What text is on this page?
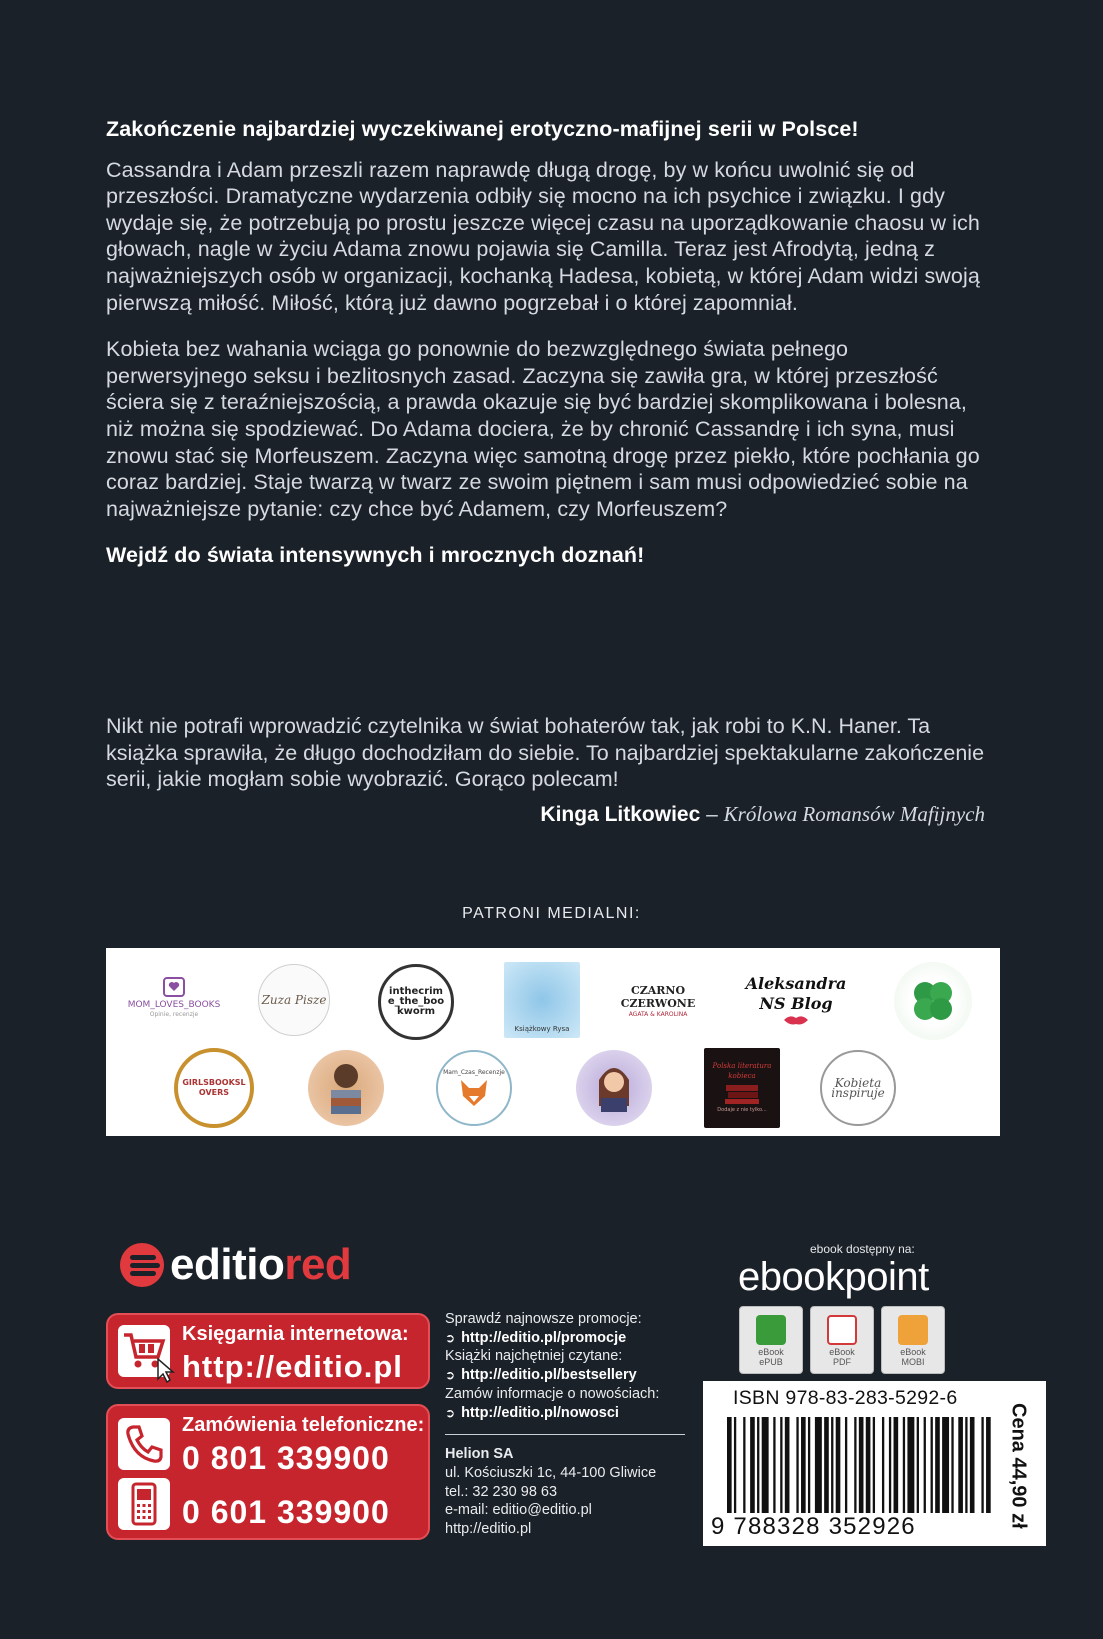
Zakończenie najbardziej wyczekiwanej erotyczno-mafijnej serii w Polsce!

Cassandra i Adam przeszli razem naprawdę długą drogę, by w końcu uwolnić się od przeszłości. Dramatyczne wydarzenia odbiły się mocno na ich psychice i związku. I gdy wydaje się, że potrzebują po prostu jeszcze więcej czasu na uporządkowanie chaosu w ich głowach, nagle w życiu Adama znowu pojawia się Camilla. Teraz jest Afrodytą, jedną z najważniejszych osób w organizacji, kochanką Hadesa, kobietą, w której Adam widzi swoją pierwszą miłość. Miłość, którą już dawno pogrzebał i o której zapomniał.

Kobieta bez wahania wciąga go ponownie do bezwzględnego świata pełnego perwersyjnego seksu i bezlitosnych zasad. Zaczyna się zawiła gra, w której przeszłość ściera się z teraźniejszością, a prawda okazuje się być bardziej skomplikowana i bolesna, niż można się spodziewać. Do Adama dociera, że by chronić Cassandrę i ich syna, musi znowu stać się Morfeuszem. Zaczyna więc samotną drogę przez piekło, które pochłania go coraz bardziej. Staje twarzą w twarz ze swoim piętnem i sam musi odpowiedzieć sobie na najważniejsze pytanie: czy chce być Adamem, czy Morfeuszem?

Wejdź do świata intensywnych i mrocznych doznań!

Nikt nie potrafi wprowadzić czytelnika w świat bohaterów tak, jak robi to K.N. Haner. Ta książka sprawiła, że długo dochodziłam do siebie. To najbardziej spektakularne zakończenie serii, jakie mogłam sobie wyobrazić. Gorąco polecam!

Kinga Litkowiec – Królowa Romansów Mafijnych
PATRONI MEDIALNI:
MOM_LOVES_BOOKS
Opinie, recenzje
Zuza Pisze
inthecrime_the_bookworm
Książkowy Rysa
CZARNO CZERWONE
AGATA & KAROLINA
Aleksandra NS Blog
GIRLSBOOKSLOVERS
Mam_Czas_Recenzje
Polska literatura kobieca
Dodaje z nie tylko...
Kobieta inspiruje
editiored
Księgarnia internetowa:
http://editio.pl
Zamówienia telefoniczne:
0 801 339900
0 601 339900
Sprawdź najnowsze promocje:
➲ http://editio.pl/promocje
Książki najchętniej czytane:
➲ http://editio.pl/bestsellery
Zamów informacje o nowościach:
➲ http://editio.pl/nowosci
Helion SA
ul. Kościuszki 1c, 44-100 Gliwice
tel.: 32 230 98 63
e-mail: editio@editio.pl
http://editio.pl
ebook dostępny na:
ebookpoint
eBook
ePUB
eBook
PDF
eBook
MOBI
ISBN 978-83-283-5292-6
9 788328 352926	Cena 44,90 zł
